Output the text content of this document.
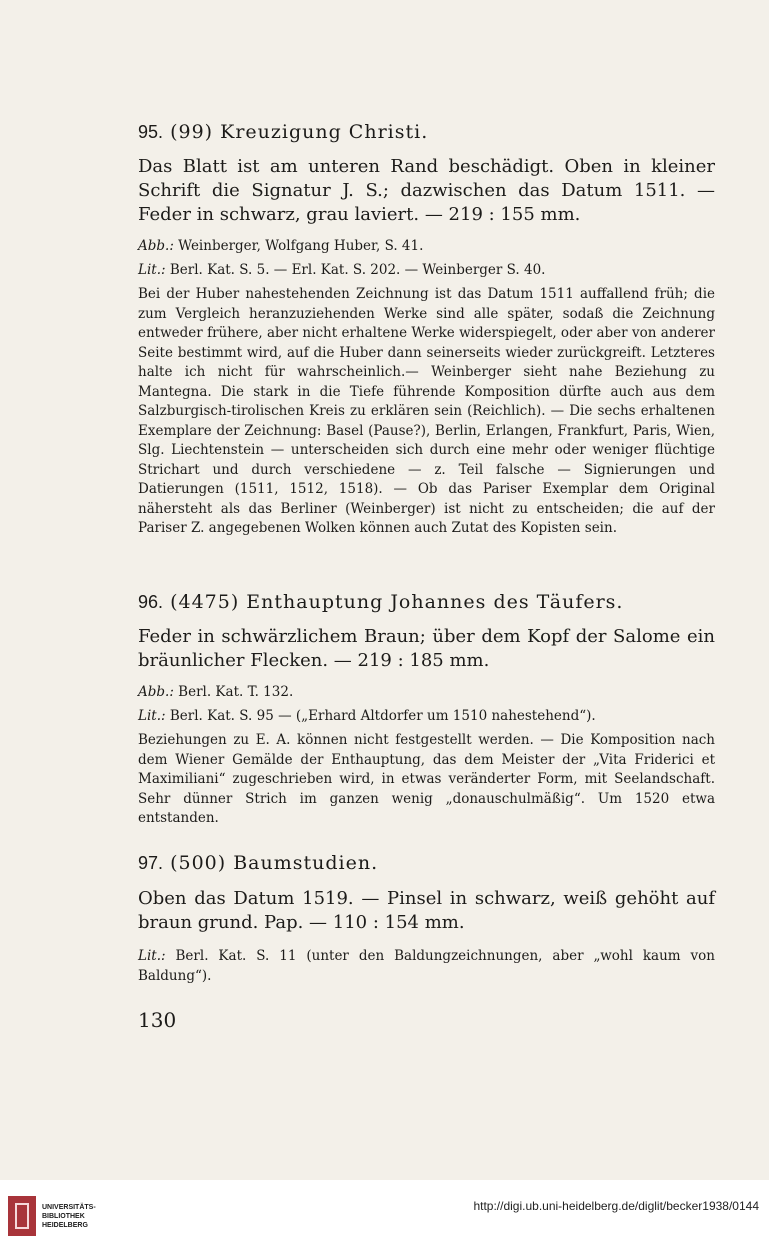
95. (99) Kreuzigung Christi.
Das Blatt ist am unteren Rand beschädigt. Oben in kleiner Schrift die Signatur J. S.; dazwischen das Datum 1511. — Feder in schwarz, grau laviert. — 219 : 155 mm.
Abb.: Weinberger, Wolfgang Huber, S. 41.
Lit.: Berl. Kat. S. 5. — Erl. Kat. S. 202. — Weinberger S. 40.
Bei der Huber nahestehenden Zeichnung ist das Datum 1511 auffallend früh; die zum Vergleich heranzuziehenden Werke sind alle später, sodaß die Zeichnung entweder frühere, aber nicht erhaltene Werke widerspiegelt, oder aber von anderer Seite bestimmt wird, auf die Huber dann seinerseits wieder zurückgreift. Letzteres halte ich nicht für wahrscheinlich.— Weinberger sieht nahe Beziehung zu Mantegna. Die stark in die Tiefe führende Komposition dürfte auch aus dem Salzburgisch-tirolischen Kreis zu erklären sein (Reichlich). — Die sechs erhaltenen Exemplare der Zeichnung: Basel (Pause?), Berlin, Erlangen, Frankfurt, Paris, Wien, Slg. Liechtenstein — unterscheiden sich durch eine mehr oder weniger flüchtige Strichart und durch verschiedene — z. Teil falsche — Signierungen und Datierungen (1511, 1512, 1518). — Ob das Pariser Exemplar dem Original nähersteht als das Berliner (Weinberger) ist nicht zu entscheiden; die auf der Pariser Z. angegebenen Wolken können auch Zutat des Kopisten sein.
96. (4475) Enthauptung Johannes des Täufers.
Feder in schwärzlichem Braun; über dem Kopf der Salome ein bräunlicher Flecken. — 219 : 185 mm.
Abb.: Berl. Kat. T. 132.
Lit.: Berl. Kat. S. 95 — („Erhard Altdorfer um 1510 nahestehend“).
Beziehungen zu E. A. können nicht festgestellt werden. — Die Komposition nach dem Wiener Gemälde der Enthauptung, das dem Meister der „Vita Friderici et Maximiliani“ zugeschrieben wird, in etwas veränderter Form, mit Seelandschaft. Sehr dünner Strich im ganzen wenig „donauschulmäßig“. Um 1520 etwa entstanden.
97. (500) Baumstudien.
Oben das Datum 1519. — Pinsel in schwarz, weiß gehöht auf braun grund. Pap. — 110 : 154 mm.
Lit.: Berl. Kat. S. 11 (unter den Baldungzeichnungen, aber „wohl kaum von Baldung“).
130
UNIVERSITÄTS-
BIBLIOTHEK
HEIDELBERG
http://digi.ub.uni-heidelberg.de/diglit/becker1938/0144
